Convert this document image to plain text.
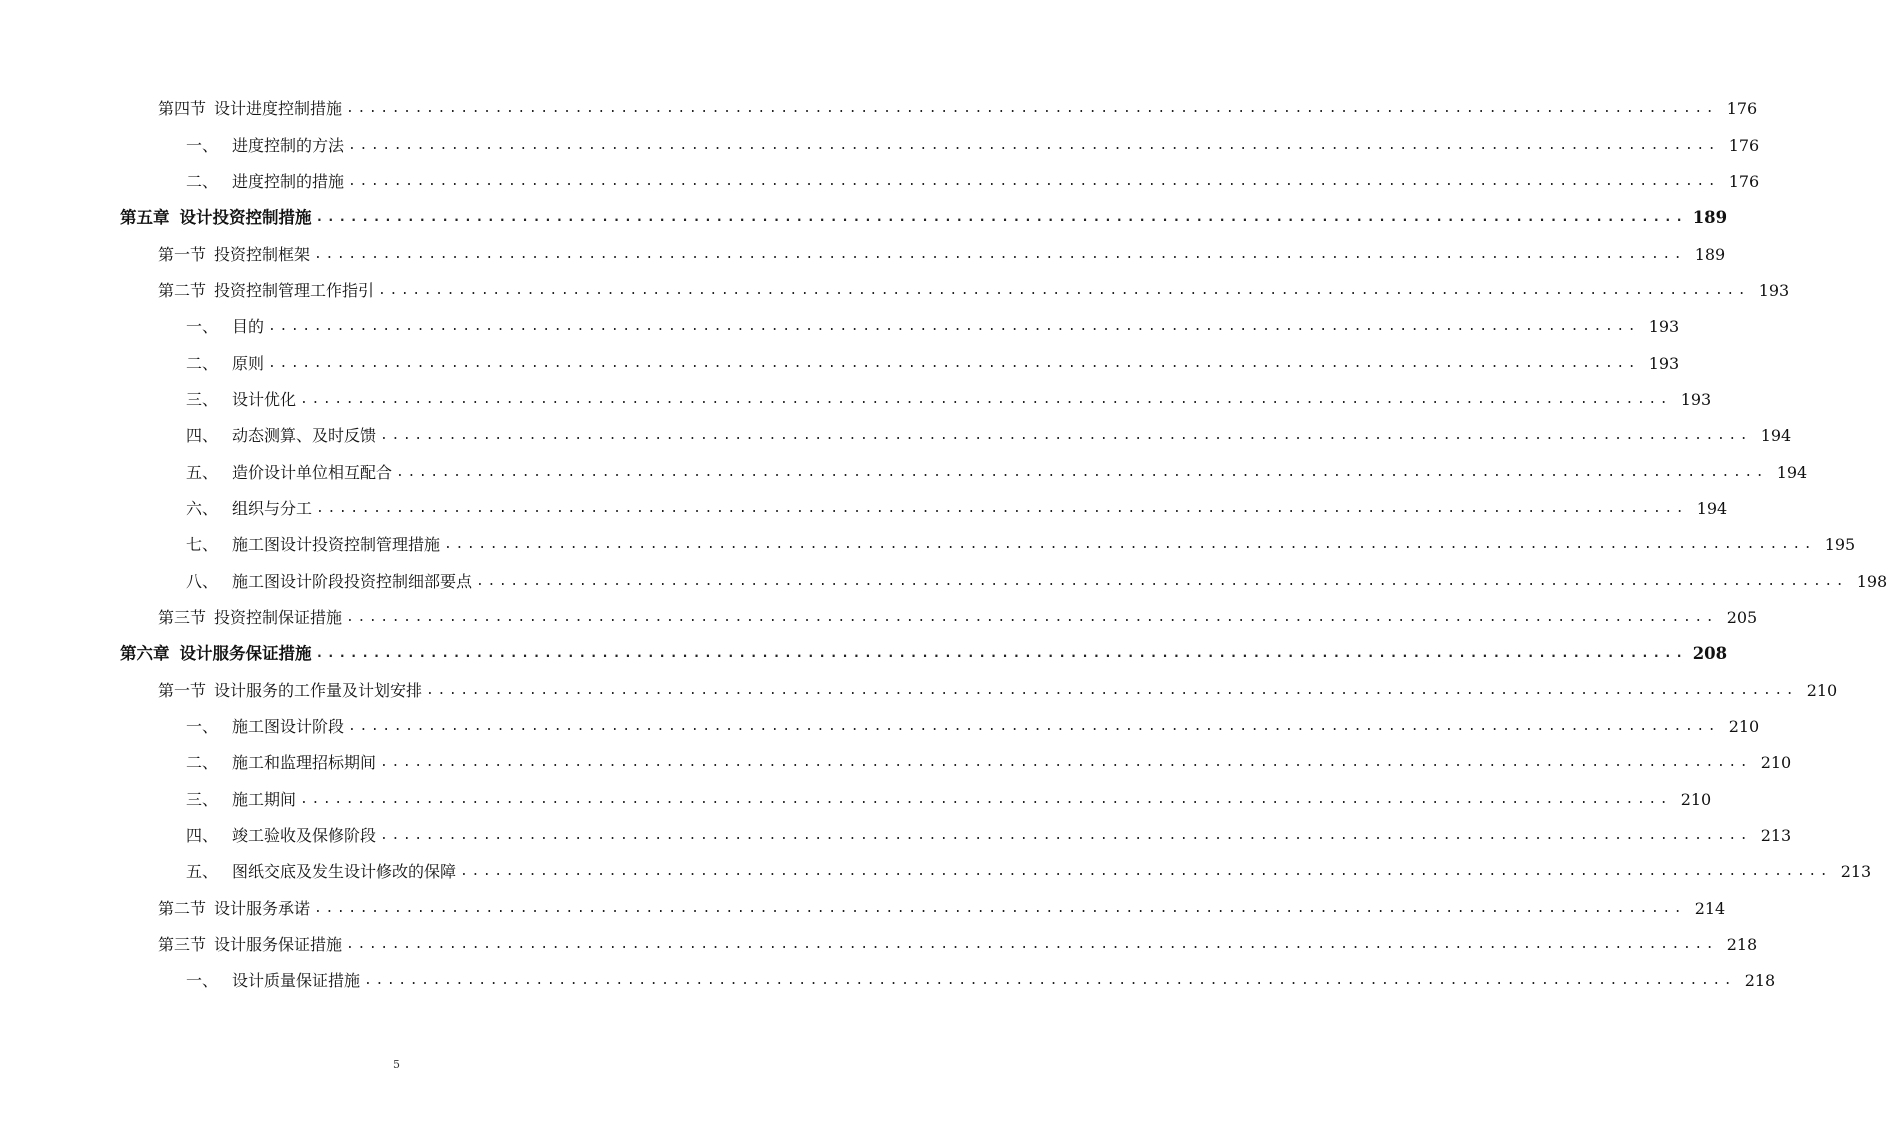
第四节 设计进度控制措施 ........................................................................................................................ 176
一、 进度控制的方法 ........................................................................................................................ 176
二、 进度控制的措施 ........................................................................................................................ 176
第五章 设计投资控制措施 ........................................................................................................................ 189
第一节 投资控制框架 ........................................................................................................................ 189
第二节 投资控制管理工作指引 ........................................................................................................................ 193
一、 目的 ........................................................................................................................ 193
二、 原则 ........................................................................................................................ 193
三、 设计优化 ........................................................................................................................ 193
四、 动态测算、及时反馈 ........................................................................................................................ 194
五、 造价设计单位相互配合 ........................................................................................................................ 194
六、 组织与分工 ........................................................................................................................ 194
七、 施工图设计投资控制管理措施 ........................................................................................................................ 195
八、 施工图设计阶段投资控制细部要点 ........................................................................................................................ 198
第三节 投资控制保证措施 ........................................................................................................................ 205
第六章 设计服务保证措施 ........................................................................................................................ 208
第一节 设计服务的工作量及计划安排 ........................................................................................................................ 210
一、 施工图设计阶段 ........................................................................................................................ 210
二、 施工和监理招标期间 ........................................................................................................................ 210
三、 施工期间 ........................................................................................................................ 210
四、 竣工验收及保修阶段 ........................................................................................................................ 213
五、 图纸交底及发生设计修改的保障 ........................................................................................................................ 213
第二节 设计服务承诺 ........................................................................................................................ 214
第三节 设计服务保证措施 ........................................................................................................................ 218
一、 设计质量保证措施 ........................................................................................................................ 218
5
